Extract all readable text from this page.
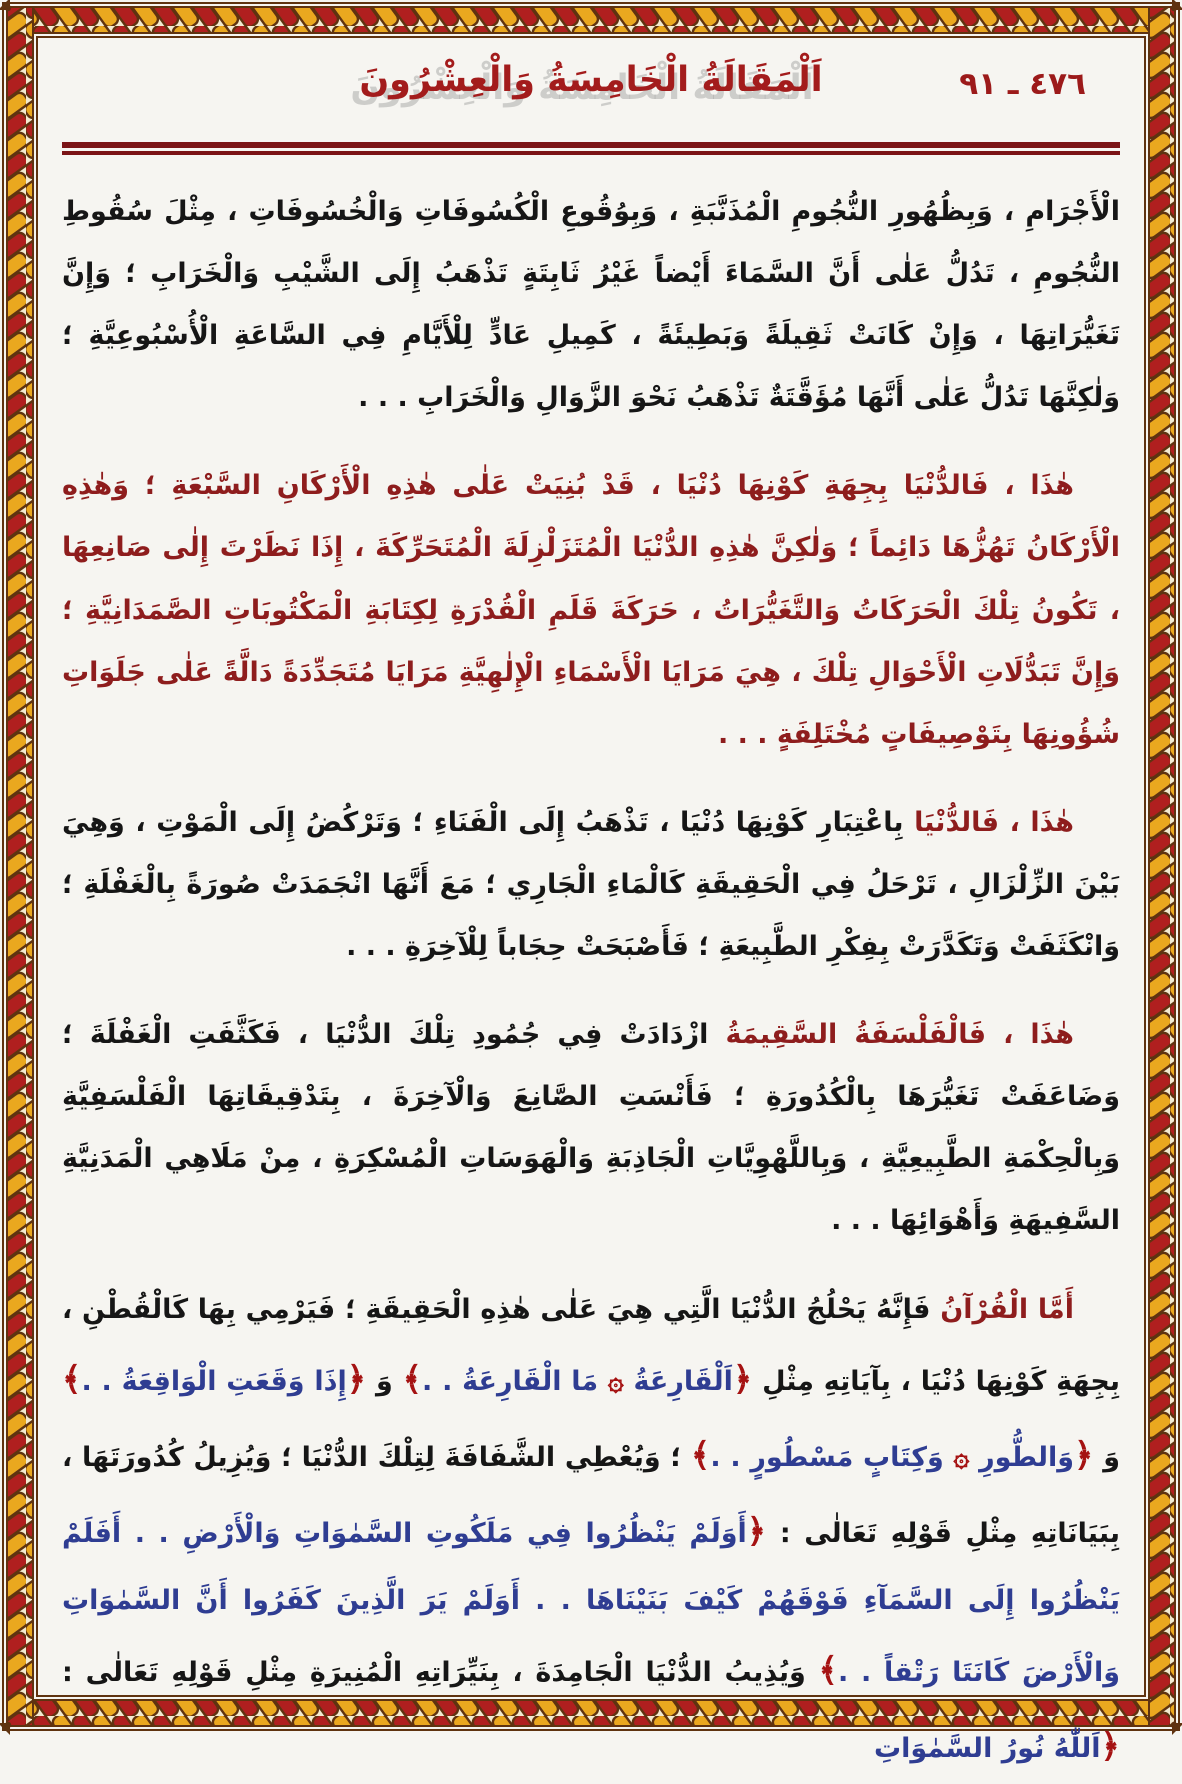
٤٧٦ ـ ٩١
اَلْمَقَالَةُ الْخَامِسَةُ وَالْعِشْرُونَ

الْأَجْرَامِ ، وَبِظُهُورِ النُّجُومِ الْمُذَنَّبَةِ ، وَبِوُقُوعِ الْكُسُوفَاتِ وَالْخُسُوفَاتِ ، مِثْلَ سُقُوطِ النُّجُومِ ، تَدُلُّ عَلٰى أَنَّ السَّمَاءَ أَيْضاً غَيْرُ ثَابِتَةٍ تَذْهَبُ إِلَى الشَّيْبِ وَالْخَرَابِ ؛ وَإِنَّ تَغَيُّرَاتِهَا ، وَإِنْ كَانَتْ ثَقِيلَةً وَبَطِيئَةً ، كَمِيلِ عَادٍّ لِلْأَيَّامِ فِي السَّاعَةِ الْأُسْبُوعِيَّةِ ؛ وَلٰكِنَّهَا تَدُلُّ عَلٰى أَنَّهَا مُؤَقَّتَةٌ تَذْهَبُ نَحْوَ الزَّوَالِ وَالْخَرَابِ . . .

هٰذَا ، فَالدُّنْيَا بِجِهَةِ كَوْنِهَا دُنْيَا ، قَدْ بُنِيَتْ عَلٰى هٰذِهِ الْأَرْكَانِ السَّبْعَةِ ؛ وَهٰذِهِ الْأَرْكَانُ تَهُزُّهَا دَائِماً ؛ وَلٰكِنَّ هٰذِهِ الدُّنْيَا الْمُتَزَلْزِلَةَ الْمُتَحَرِّكَةَ ، إِذَا نَظَرْتَ إِلٰى صَانِعِهَا ، تَكُونُ تِلْكَ الْحَرَكَاتُ وَالتَّغَيُّرَاتُ ، حَرَكَةَ قَلَمِ الْقُدْرَةِ لِكِتَابَةِ الْمَكْتُوبَاتِ الصَّمَدَانِيَّةِ ؛ وَإِنَّ تَبَدُّلَاتِ الْأَحْوَالِ تِلْكَ ، هِيَ مَرَايَا الْأَسْمَاءِ الْإِلٰهِيَّةِ مَرَايَا مُتَجَدِّدَةً دَالَّةً عَلٰى جَلَوَاتِ شُؤُونِهَا بِتَوْصِيفَاتٍ مُخْتَلِفَةٍ . . .

هٰذَا ، فَالدُّنْيَا بِاعْتِبَارِ كَوْنِهَا دُنْيَا ، تَذْهَبُ إِلَى الْفَنَاءِ ؛ وَتَرْكُضُ إِلَى الْمَوْتِ ، وَهِيَ بَيْنَ الزِّلْزَالِ ، تَرْحَلُ فِي الْحَقِيقَةِ كَالْمَاءِ الْجَارِي ؛ مَعَ أَنَّهَا انْجَمَدَتْ صُورَةً بِالْغَفْلَةِ ؛ وَانْكَثَفَتْ وَتَكَدَّرَتْ بِفِكْرِ الطَّبِيعَةِ ؛ فَأَصْبَحَتْ حِجَاباً لِلْآخِرَةِ . . .

هٰذَا ، فَالْفَلْسَفَةُ السَّقِيمَةُ ازْدَادَتْ فِي جُمُودِ تِلْكَ الدُّنْيَا ، فَكَثَّفَتِ الْغَفْلَةَ ؛ وَضَاعَفَتْ تَغَيُّرَهَا بِالْكُدُورَةِ ؛ فَأَنْسَتِ الصَّانِعَ وَالْآخِرَةَ ، بِتَدْقِيقَاتِهَا الْفَلْسَفِيَّةِ وَبِالْحِكْمَةِ الطَّبِيعِيَّةِ ، وَبِاللَّهْوِيَّاتِ الْجَاذِبَةِ وَالْهَوَسَاتِ الْمُسْكِرَةِ ، مِنْ مَلَاهِي الْمَدَنِيَّةِ السَّفِيهَةِ وَأَهْوَائِهَا . . .

أَمَّا الْقُرْآنُ فَإِنَّهُ يَحْلُجُ الدُّنْيَا الَّتِي هِيَ عَلٰى هٰذِهِ الْحَقِيقَةِ ؛ فَيَرْمِي بِهَا كَالْقُطْنِ ، بِجِهَةِ كَوْنِهَا دُنْيَا ، بِآيَاتِهِ مِثْلِ ﴿اَلْقَارِعَةُ ۞ مَا الْقَارِعَةُ . .﴾ وَ ﴿إِذَا وَقَعَتِ الْوَاقِعَةُ . .﴾ وَ ﴿وَالطُّورِ ۞ وَكِتَابٍ مَسْطُورٍ . .﴾ ؛ وَيُعْطِي الشَّفَافَةَ لِتِلْكَ الدُّنْيَا ؛ وَيُزِيلُ كُدُورَتَهَا ، بِبَيَانَاتِهِ مِثْلِ قَوْلِهِ تَعَالٰى : ﴿أَوَلَمْ يَنْظُرُوا فِي مَلَكُوتِ السَّمٰوَاتِ وَالْأَرْضِ . . أَفَلَمْ يَنْظُرُوا إِلَى السَّمَآءِ فَوْقَهُمْ كَيْفَ بَنَيْنَاهَا . . أَوَلَمْ يَرَ الَّذِينَ كَفَرُوا أَنَّ السَّمٰوَاتِ وَالْأَرْضَ كَانَتَا رَتْقاً . .﴾ وَيُذِيبُ الدُّنْيَا الْجَامِدَةَ ، بِنَيِّرَاتِهِ الْمُنِيرَةِ مِثْلِ قَوْلِهِ تَعَالٰى : ﴿اَللّٰهُ نُورُ السَّمٰوَاتِ
